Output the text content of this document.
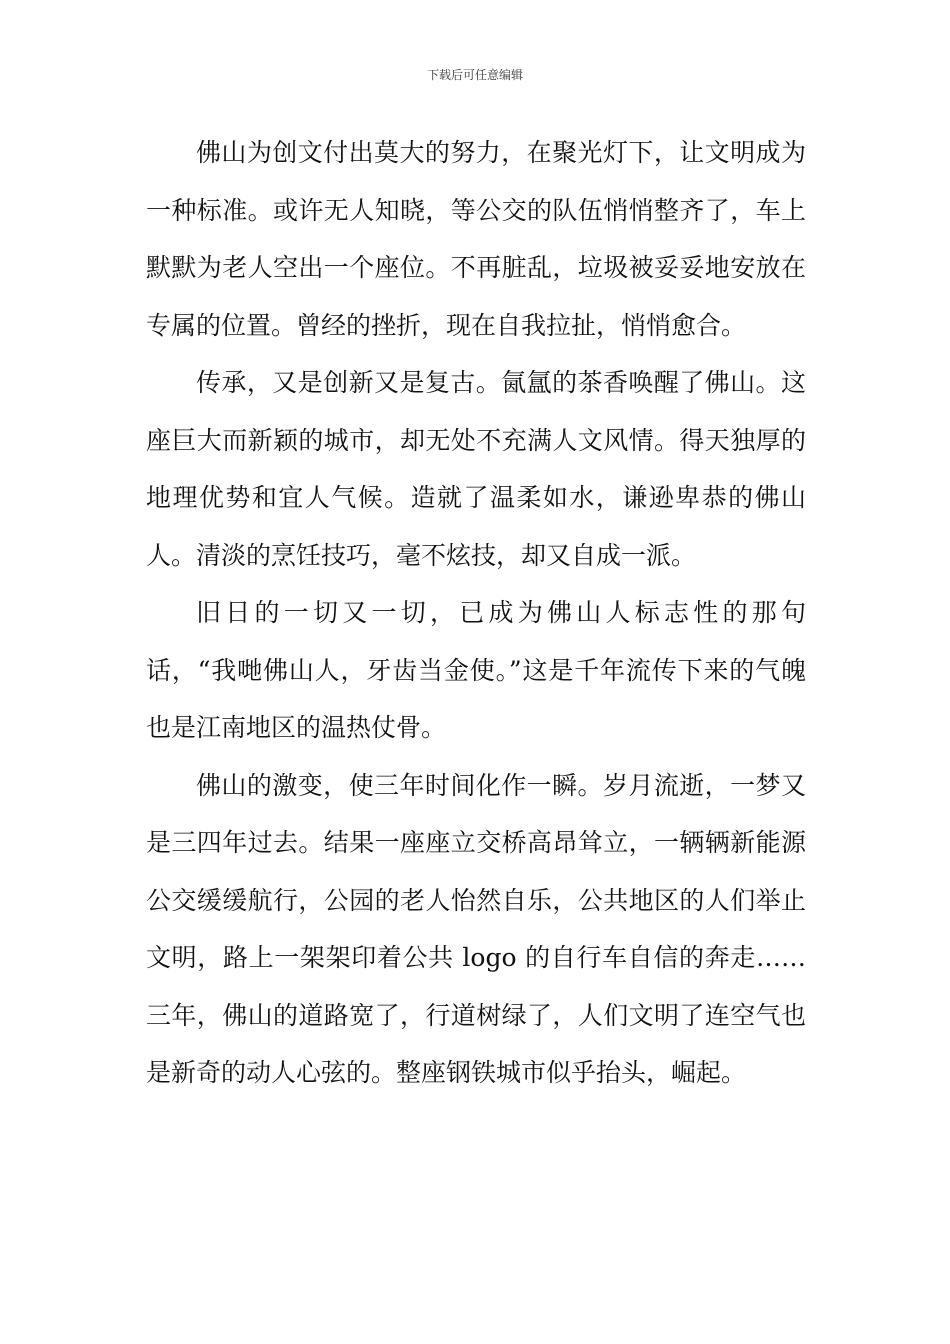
下载后可任意编辑

佛山为创文付出莫大的努力，在聚光灯下，让文明成为一种标准。或许无人知晓，等公交的队伍悄悄整齐了，车上默默为老人空出一个座位。不再脏乱，垃圾被妥妥地安放在专属的位置。曾经的挫折，现在自我拉扯，悄悄愈合。

传承，又是创新又是复古。氤氲的茶香唤醒了佛山。这座巨大而新颖的城市，却无处不充满人文风情。得天独厚的地理优势和宜人气候。造就了温柔如水，谦逊卑恭的佛山人。清淡的烹饪技巧，毫不炫技，却又自成一派。

旧日的一切又一切，已成为佛山人标志性的那句话，“我哋佛山人，牙齿当金使。”这是千年流传下来的气魄也是江南地区的温热仗骨。

佛山的激变，使三年时间化作一瞬。岁月流逝，一梦又是三四年过去。结果一座座立交桥高昂耸立，一辆辆新能源公交缓缓航行，公园的老人怡然自乐，公共地区的人们举止文明，路上一架架印着公共 logo 的自行车自信的奔走……三年，佛山的道路宽了，行道树绿了，人们文明了连空气也是新奇的动人心弦的。整座钢铁城市似乎抬头，崛起。
